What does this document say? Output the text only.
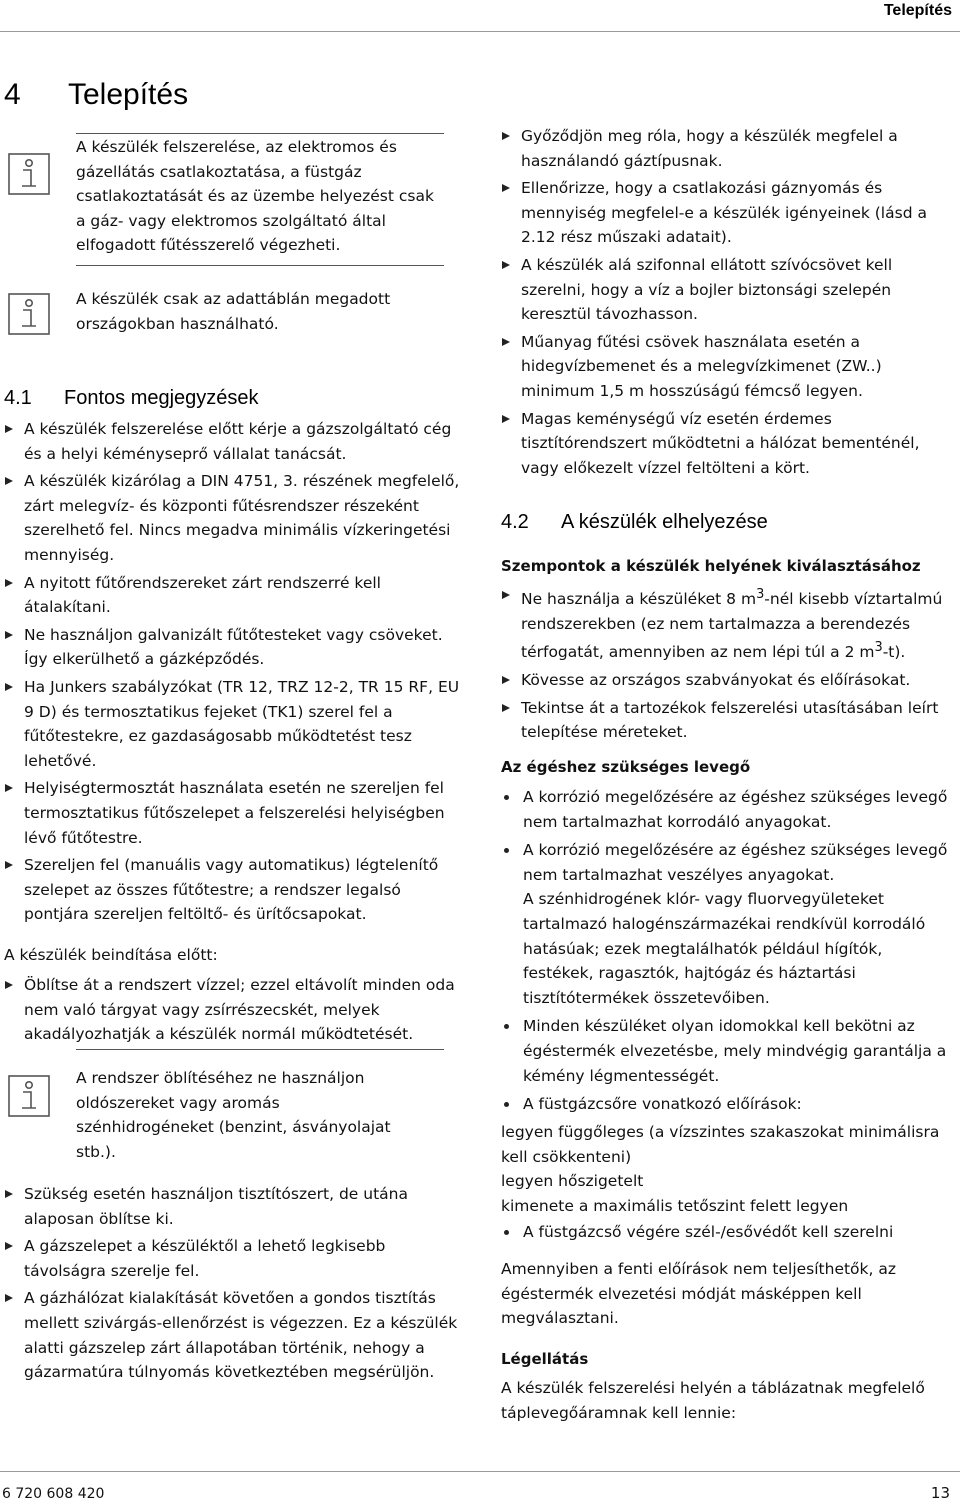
Telepítés
4 Telepítés
A készülék felszerelése, az elektromos és gázellátás csatlakoztatása, a füstgáz csatlakoztatását és az üzembe helyezést csak a gáz- vagy elektromos szolgáltató által elfogadott fűtésszerelő végezheti.
A készülék csak az adattáblán megadott országokban használható.
4.1 Fontos megjegyzések
A készülék felszerelése előtt kérje a gázszolgáltató cég és a helyi kéményseprő vállalat tanácsát.
A készülék kizárólag a DIN 4751, 3. részének megfelelő, zárt melegvíz- és központi fűtésrendszer részeként szerelhető fel. Nincs megadva minimális vízkeringetési mennyiség.
A nyitott fűtőrendszereket zárt rendszerré kell átalakítani.
Ne használjon galvanizált fűtőtesteket vagy csöveket. Így elkerülhető a gázképződés.
Ha Junkers szabályzókat (TR 12, TRZ 12-2, TR 15 RF, EU 9 D) és termosztatikus fejeket (TK1) szerel fel a fűtőtestekre, ez gazdaságosabb működtetést tesz lehetővé.
Helyiségtermosztát használata esetén ne szereljen fel termosztatikus fűtőszelepet a felszerelési helyiségben lévő fűtőtestre.
Szereljen fel (manuális vagy automatikus) légtelenítő szelepet az összes fűtőtestre; a rendszer legalsó pontjára szereljen feltöltő- és ürítőcsapokat.
A készülék beindítása előtt:
Öblítse át a rendszert vízzel; ezzel eltávolít minden oda nem való tárgyat vagy zsírrészecskét, melyek akadályozhatják a készülék normál működtetését.
A rendszer öblítéséhez ne használjon oldószereket vagy aromás szénhidrogéneket (benzint, ásványolajat stb.).
Szükség esetén használjon tisztítószert, de utána alaposan öblítse ki.
A gázszelepet a készüléktől a lehető legkisebb távolságra szerelje fel.
A gázhálózat kialakítását követően a gondos tisztítás mellett szivárgás-ellenőrzést is végezzen. Ez a készülék alatti gázszelep zárt állapotában történik, nehogy a gázarmatúra túlnyomás következtében megsérüljön.
Győződjön meg róla, hogy a készülék megfelel a használandó gáztípusnak.
Ellenőrizze, hogy a csatlakozási gáznyomás és mennyiség megfelel-e a készülék igényeinek (lásd a 2.12 rész műszaki adatait).
A készülék alá szifonnal ellátott szívócsövet kell szerelni, hogy a víz a bojler biztonsági szelepén keresztül távozhasson.
Műanyag fűtési csövek használata esetén a hidegvízbemenet és a melegvízkimenet (ZW..) minimum 1,5 m hosszúságú fémcső legyen.
Magas keménységű víz esetén érdemes tisztítórendszert működtetni a hálózat bementénél, vagy előkezelt vízzel feltölteni a kört.
4.2 A készülék elhelyezése
Szempontok a készülék helyének kiválasztásához
Ne használja a készüléket 8 $m^3$-nél kisebb víztartalmú rendszerekben (ez nem tartalmazza a berendezés térfogatát, amennyiben az nem lépi túl a 2 $m^3-t$).
Kövesse az országos szabványokat és előírásokat.
Tekintse át a tartozékok felszerelési utasításában leírt telepítése méreteket.
Az égéshez szükséges levegő
A korrózió megelőzésére az égéshez szükséges levegő nem tartalmazhat korrodáló anyagokat.
A korrózió megelőzésére az égéshez szükséges levegő nem tartalmazhat veszélyes anyagokat.
A szénhidrogének klór- vagy fluorvegyületeket tartalmazó halogénszármazékai rendkívül korrodáló hatásúak; ezek megtalálhatók például hígítók, festékek, ragasztók, hajtógáz és háztartási tisztítótermékek összetevőiben.
Minden készüléket olyan idomokkal kell bekötni az égéstermék elvezetésbe, mely mindvégig garantálja a kémény légmentességét.
A füstgázcsőre vonatkozó előírások:
legyen függőleges (a vízszintes szakaszokat minimálisra kell csökkenteni)
legyen hőszigetelt
kimenete a maximális tetőszint felett legyen
A füstgázcső végére szél-/esővédőt kell szerelni
Amennyiben a fenti előírások nem teljesíthetők, az égéstermék elvezetési módját másképpen kell megválasztani.
Légellátás
A készülék felszerelési helyén a táblázatnak megfelelő táplevegőáramnak kell lennie:
6 720 608 420	13
